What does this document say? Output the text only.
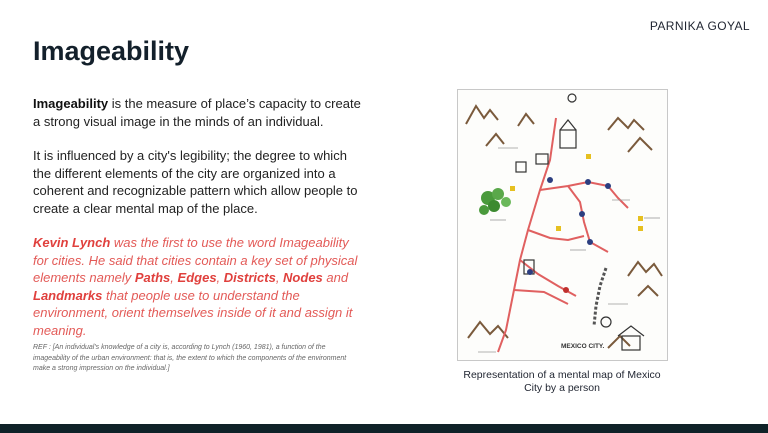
PARNIKA GOYAL
Imageability

Imageability is the measure of place’s capacity to create a strong visual image in the minds of an individual.

It is influenced by a city's legibility; the degree to which the different elements of the city are organized into a coherent and recognizable pattern which allow people to create a clear mental map of the place.

Kevin Lynch was the first to use the word Imageability for cities. He said that cities contain a key set of physical elements namely Paths, Edges, Districts, Nodes and Landmarks that people use to understand the environment, orient themselves inside of it and assign it meaning.

REF : [An individual's knowledge of a city is, according to Lynch (1960, 1981), a function of the imageability of the urban environment: that is, the extent to which the components of the environment make a strong impression on the individual.]

MEXICO CITY.
Representation of a mental map of Mexico City by a person
